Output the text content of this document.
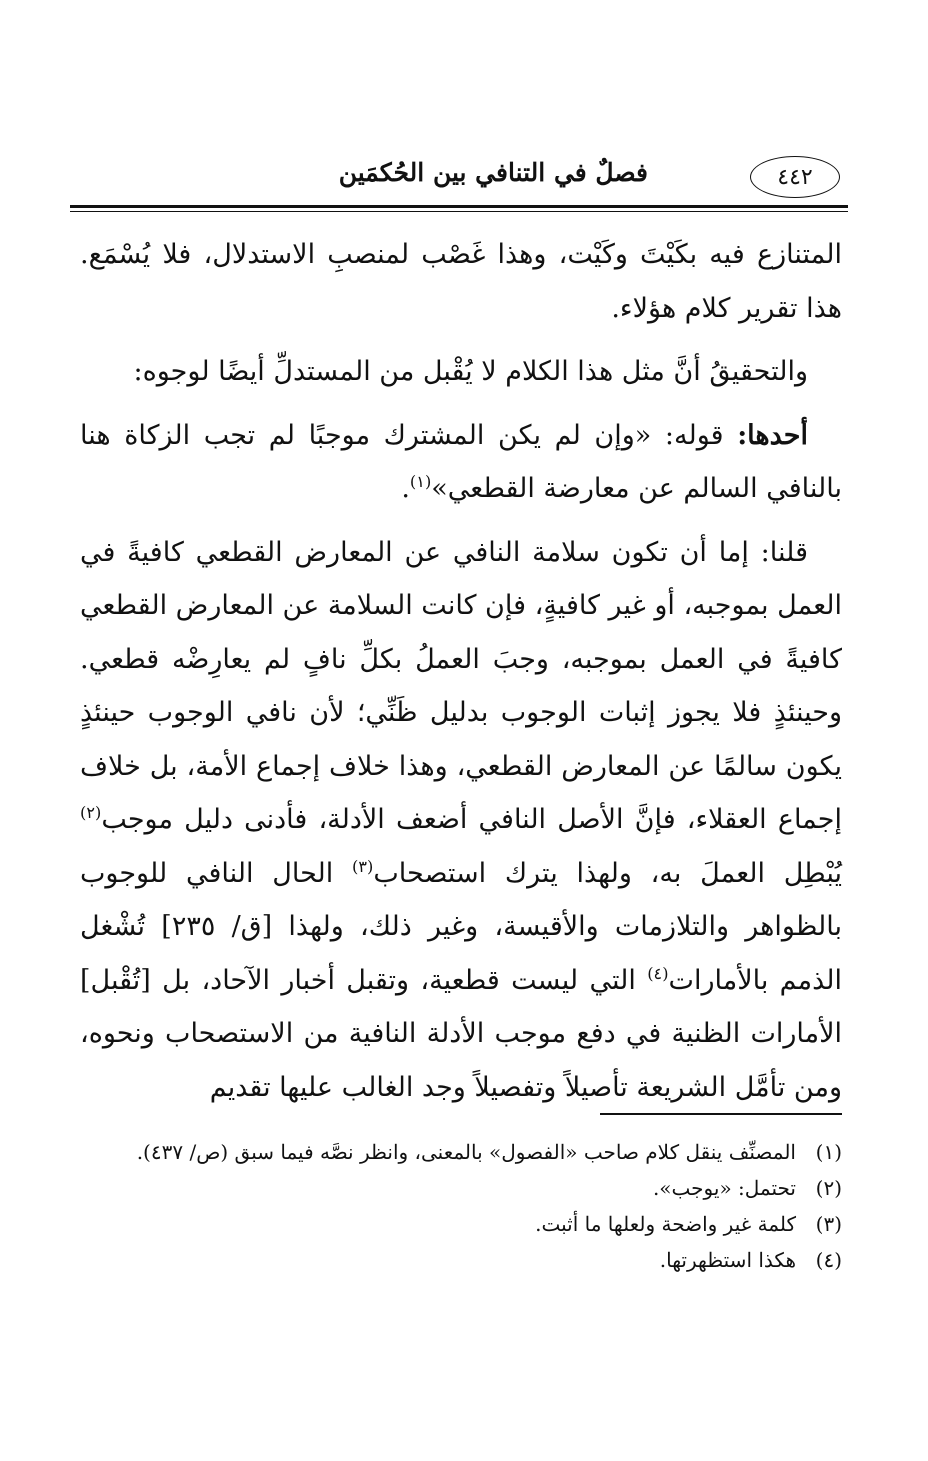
٤٤٢
فصلٌ في التنافي بين الحُكمَين

المتنازع فيه بكَيْتَ وكَيْت، وهذا غَصْب لمنصبِ الاستدلال، فلا يُسْمَع. هذا تقرير كلام هؤلاء.

والتحقيقُ أنَّ مثل هذا الكلام لا يُقْبل من المستدلِّ أيضًا لوجوه:

أحدها: قوله: «وإن لم يكن المشترك موجبًا لم تجب الزكاة هنا بالنافي السالم عن معارضة القطعي»$^{(١)}$.

قلنا: إما أن تكون سلامة النافي عن المعارض القطعي كافيةً في العمل بموجبه، أو غير كافيةٍ، فإن كانت السلامة عن المعارض القطعي كافيةً في العمل بموجبه، وجبَ العملُ بكلِّ نافٍ لم يعارِضْه قطعي. وحينئذٍ فلا يجوز إثبات الوجوب بدليل ظَنِّي؛ لأن نافي الوجوب حينئذٍ يكون سالمًا عن المعارض القطعي، وهذا خلاف إجماع الأمة، بل خلاف إجماع العقلاء، فإنَّ الأصل النافي أضعف الأدلة، فأدنى دليل موجب$^{(٢)}$ يُبْطِل العملَ به، ولهذا يترك استصحاب$^{(٣)}$ الحال النافي للوجوب بالظواهر والتلازمات والأقيسة، وغير ذلك، ولهذا [ق/ ٢٣٥] تُشْغل الذمم بالأمارات$^{(٤)}$ التي ليست قطعية، وتقبل أخبار الآحاد، بل [تُقْبل] الأمارات الظنية في دفع موجب الأدلة النافية من الاستصحاب ونحوه، ومن تأمَّل الشريعة تأصيلاً وتفصيلاً وجد الغالب عليها تقديم

(١)
المصنِّف ينقل كلام صاحب «الفصول» بالمعنى، وانظر نصَّه فيما سبق (ص/ ٤٣٧).
(٢)
تحتمل: «يوجب».
(٣)
كلمة غير واضحة ولعلها ما أثبت.
(٤)
هكذا استظهرتها.
